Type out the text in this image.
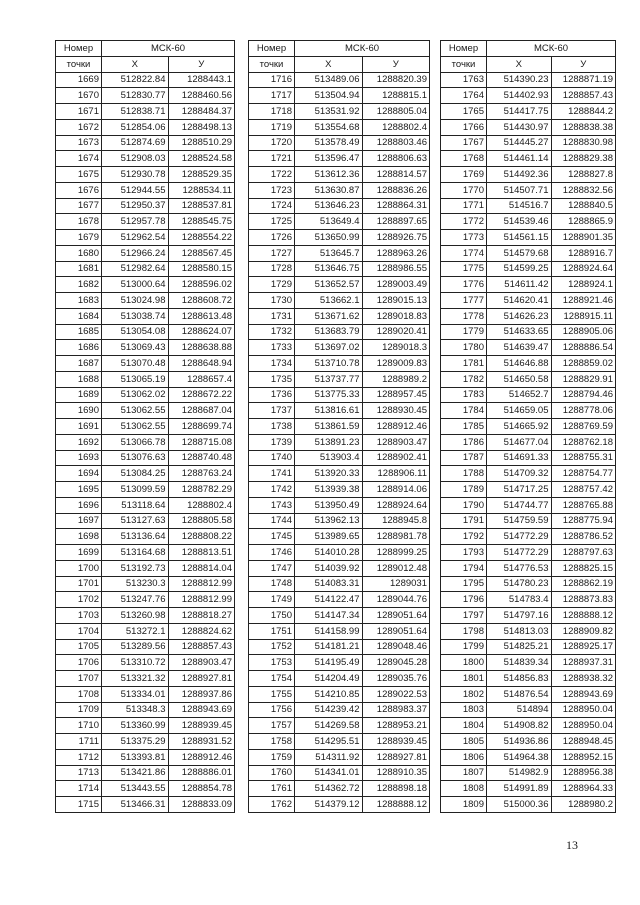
Номер	МСК-60	
точки	X	У
1669	512822.84	1288443.1
1670	512830.77	1288460.56
1671	512838.71	1288484.37
1672	512854.06	1288498.13
1673	512874.69	1288510.29
1674	512908.03	1288524.58
1675	512930.78	1288529.35
1676	512944.55	1288534.11
1677	512950.37	1288537.81
1678	512957.78	1288545.75
1679	512962.54	1288554.22
1680	512966.24	1288567.45
1681	512982.64	1288580.15
1682	513000.64	1288596.02
1683	513024.98	1288608.72
1684	513038.74	1288613.48
1685	513054.08	1288624.07
1686	513069.43	1288638.88
1687	513070.48	1288648.94
1688	513065.19	1288657.4
1689	513062.02	1288672.22
1690	513062.55	1288687.04
1691	513062.55	1288699.74
1692	513066.78	1288715.08
1693	513076.63	1288740.48
1694	513084.25	1288763.24
1695	513099.59	1288782.29
1696	513118.64	1288802.4
1697	513127.63	1288805.58
1698	513136.64	1288808.22
1699	513164.68	1288813.51
1700	513192.73	1288814.04
1701	513230.3	1288812.99
1702	513247.76	1288812.99
1703	513260.98	1288818.27
1704	513272.1	1288824.62
1705	513289.56	1288857.43
1706	513310.72	1288903.47
1707	513321.32	1288927.81
1708	513334.01	1288937.86
1709	513348.3	1288943.69
1710	513360.99	1288939.45
1711	513375.29	1288931.52
1712	513393.81	1288912.46
1713	513421.86	1288886.01
1714	513443.55	1288854.78
1715	513466.31	1288833.09
Номер	МСК-60	
точки	X	У
1716	513489.06	1288820.39
1717	513504.94	1288815.1
1718	513531.92	1288805.04
1719	513554.68	1288802.4
1720	513578.49	1288803.46
1721	513596.47	1288806.63
1722	513612.36	1288814.57
1723	513630.87	1288836.26
1724	513646.23	1288864.31
1725	513649.4	1288897.65
1726	513650.99	1288926.75
1727	513645.7	1288963.26
1728	513646.75	1288986.55
1729	513652.57	1289003.49
1730	513662.1	1289015.13
1731	513671.62	1289018.83
1732	513683.79	1289020.41
1733	513697.02	1289018.3
1734	513710.78	1289009.83
1735	513737.77	1288989.2
1736	513775.33	1288957.45
1737	513816.61	1288930.45
1738	513861.59	1288912.46
1739	513891.23	1288903.47
1740	513903.4	1288902.41
1741	513920.33	1288906.11
1742	513939.38	1288914.06
1743	513950.49	1288924.64
1744	513962.13	1288945.8
1745	513989.65	1288981.78
1746	514010.28	1288999.25
1747	514039.92	1289012.48
1748	514083.31	1289031
1749	514122.47	1289044.76
1750	514147.34	1289051.64
1751	514158.99	1289051.64
1752	514181.21	1289048.46
1753	514195.49	1289045.28
1754	514204.49	1289035.76
1755	514210.85	1289022.53
1756	514239.42	1288983.37
1757	514269.58	1288953.21
1758	514295.51	1288939.45
1759	514311.92	1288927.81
1760	514341.01	1288910.35
1761	514362.72	1288898.18
1762	514379.12	1288888.12
Номер	МСК-60	
точки	X	У
1763	514390.23	1288871.19
1764	514402.93	1288857.43
1765	514417.75	1288844.2
1766	514430.97	1288838.38
1767	514445.27	1288830.98
1768	514461.14	1288829.38
1769	514492.36	1288827.8
1770	514507.71	1288832.56
1771	514516.7	1288840.5
1772	514539.46	1288865.9
1773	514561.15	1288901.35
1774	514579.68	1288916.7
1775	514599.25	1288924.64
1776	514611.42	1288924.1
1777	514620.41	1288921.46
1778	514626.23	1288915.11
1779	514633.65	1288905.06
1780	514639.47	1288886.54
1781	514646.88	1288859.02
1782	514650.58	1288829.91
1783	514652.7	1288794.46
1784	514659.05	1288778.06
1785	514665.92	1288769.59
1786	514677.04	1288762.18
1787	514691.33	1288755.31
1788	514709.32	1288754.77
1789	514717.25	1288757.42
1790	514744.77	1288765.88
1791	514759.59	1288775.94
1792	514772.29	1288786.52
1793	514772.29	1288797.63
1794	514776.53	1288825.15
1795	514780.23	1288862.19
1796	514783.4	1288873.83
1797	514797.16	1288888.12
1798	514813.03	1288909.82
1799	514825.21	1288925.17
1800	514839.34	1288937.31
1801	514856.83	1288938.32
1802	514876.54	1288943.69
1803	514894	1288950.04
1804	514908.82	1288950.04
1805	514936.86	1288948.45
1806	514964.38	1288952.15
1807	514982.9	1288956.38
1808	514991.89	1288964.33
1809	515000.36	1288980.2
13
